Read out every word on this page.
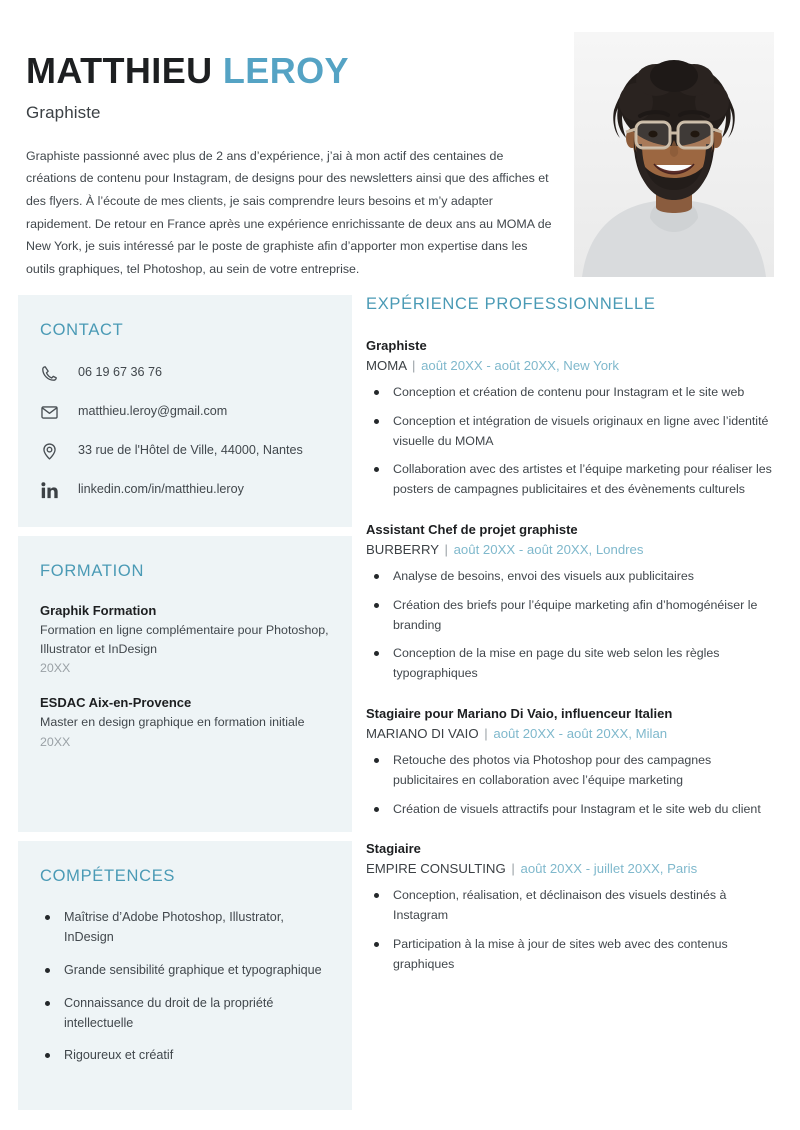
MATTHIEU LEROY
Graphiste
Graphiste passionné avec plus de 2 ans d’expérience, j’ai à mon actif des centaines de créations de contenu pour Instagram, de designs pour des newsletters ainsi que des affiches et des flyers. À l’écoute de mes clients, je sais comprendre leurs besoins et m’y adapter rapidement. De retour en France après une expérience enrichissante de deux ans au MOMA de New York, je suis intéressé par le poste de graphiste afin d’apporter mon expertise dans les outils graphiques, tel Photoshop, au sein de votre entreprise.
CONTACT
06 19 67 36 76
matthieu.leroy@gmail.com
33 rue de l'Hôtel de Ville, 44000, Nantes
linkedin.com/in/matthieu.leroy
FORMATION
Graphik Formation
Formation en ligne complémentaire pour Photoshop, Illustrator et InDesign
20XX
ESDAC Aix-en-Provence
Master en design graphique en formation initiale
20XX
COMPÉTENCES
Maîtrise d’Adobe Photoshop, Illustrator, InDesign
Grande sensibilité graphique et typographique
Connaissance du droit de la propriété intellectuelle
Rigoureux et créatif
EXPÉRIENCE PROFESSIONNELLE
Graphiste
MOMA | août 20XX - août 20XX, New York
Conception et création de contenu pour Instagram et le site web
Conception et intégration de visuels originaux en ligne avec l’identité visuelle du MOMA
Collaboration avec des artistes et l’équipe marketing pour réaliser les posters de campagnes publicitaires et des évènements culturels
Assistant Chef de projet graphiste
BURBERRY | août 20XX - août 20XX, Londres
Analyse de besoins, envoi des visuels aux publicitaires
Création des briefs pour l’équipe marketing afin d’homogénéiser le branding
Conception de la mise en page du site web selon les règles typographiques
Stagiaire pour Mariano Di Vaio, influenceur Italien
MARIANO DI VAIO | août 20XX - août 20XX, Milan
Retouche des photos via Photoshop pour des campagnes publicitaires en collaboration avec l’équipe marketing
Création de visuels attractifs pour Instagram et le site web du client
Stagiaire
EMPIRE CONSULTING | août 20XX - juillet 20XX, Paris
Conception, réalisation, et déclinaison des visuels destinés à Instagram
Participation à la mise à jour de sites web avec des contenus graphiques
